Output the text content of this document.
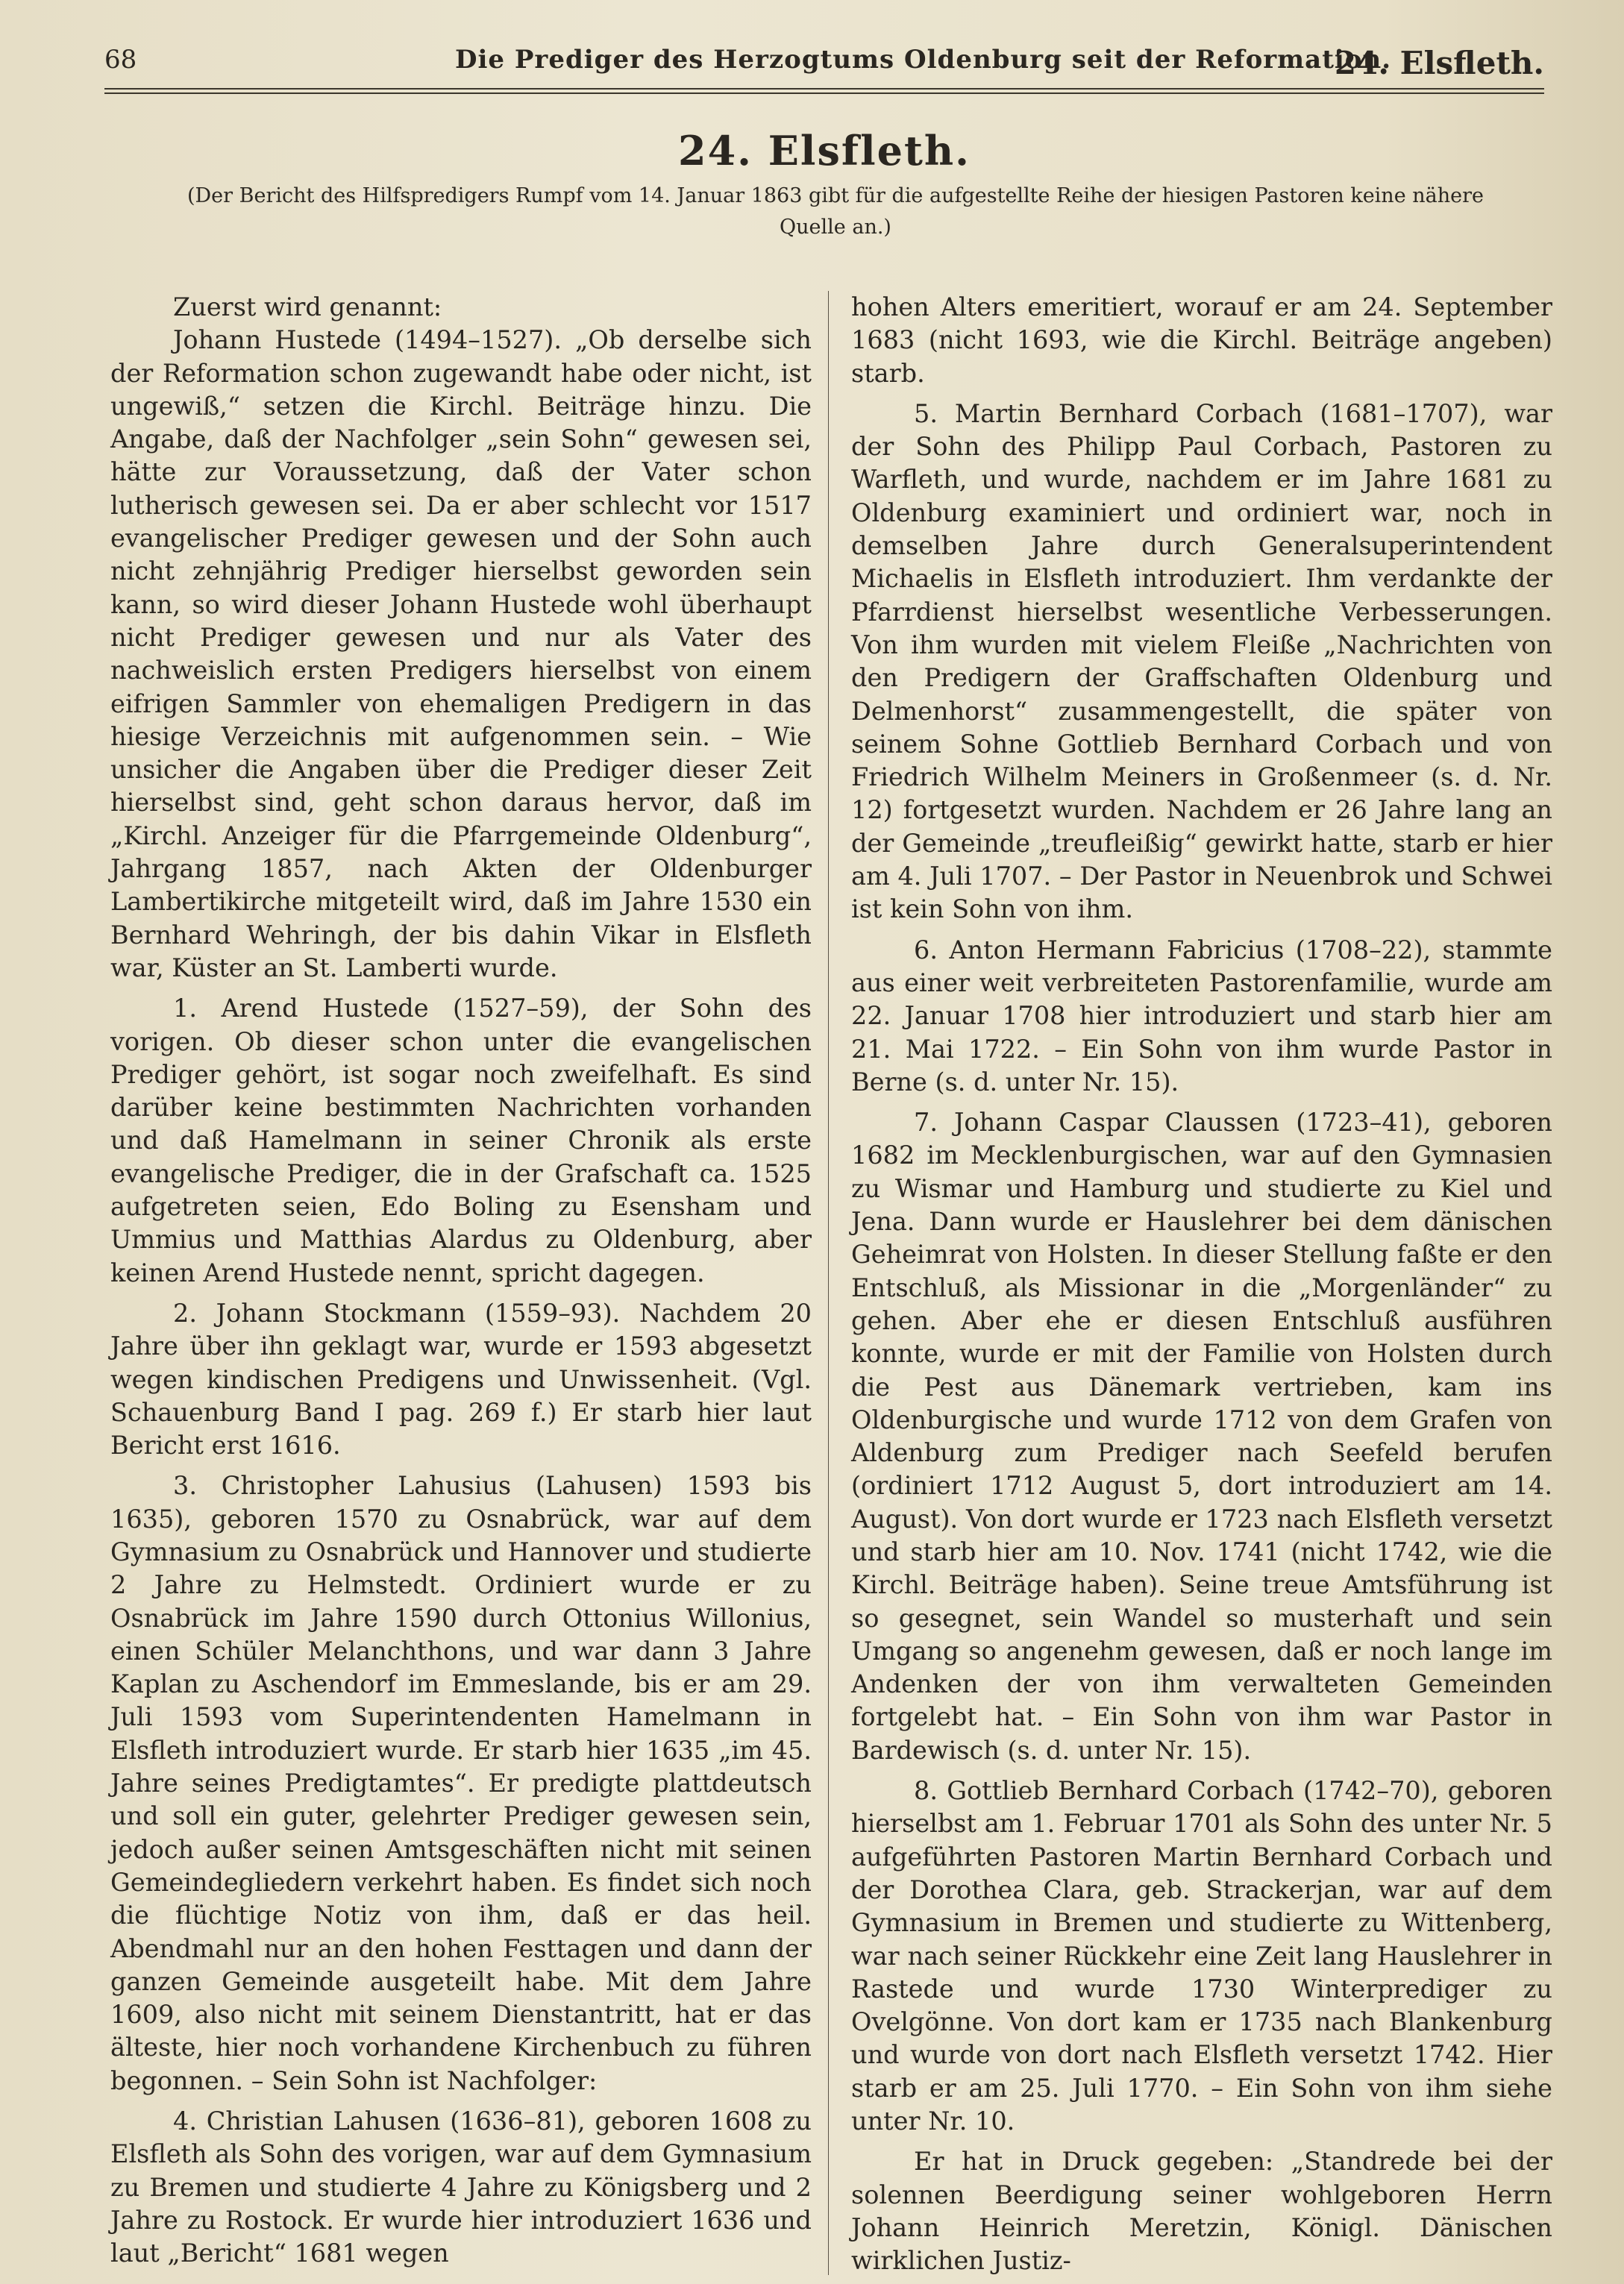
68	Die Prediger des Herzogtums Oldenburg seit der Reformation.
24. Elsfleth.
24. Elsfleth.
(Der Bericht des Hilfspredigers Rumpf vom 14. Januar 1863 gibt für die aufgestellte Reihe der hiesigen Pastoren keine nähere Quelle an.)

Zuerst wird genannt:

Johann Hustede (1494–1527). „Ob derselbe sich der Reformation schon zugewandt habe oder nicht, ist ungewiß,“ setzen die Kirchl. Beiträge hinzu. Die Angabe, daß der Nachfolger „sein Sohn“ gewesen sei, hätte zur Voraussetzung, daß der Vater schon lutherisch gewesen sei. Da er aber schlecht vor 1517 evangelischer Prediger gewesen und der Sohn auch nicht zehnjährig Prediger hierselbst geworden sein kann, so wird dieser Johann Hustede wohl überhaupt nicht Prediger gewesen und nur als Vater des nachweislich ersten Predigers hierselbst von einem eifrigen Sammler von ehemaligen Predigern in das hiesige Verzeichnis mit aufgenommen sein. – Wie unsicher die Angaben über die Prediger dieser Zeit hierselbst sind, geht schon daraus hervor, daß im „Kirchl. Anzeiger für die Pfarrgemeinde Oldenburg“, Jahrgang 1857, nach Akten der Oldenburger Lambertikirche mitgeteilt wird, daß im Jahre 1530 ein Bernhard Wehringh, der bis dahin Vikar in Elsfleth war, Küster an St. Lamberti wurde.

1. Arend Hustede (1527–59), der Sohn des vorigen. Ob dieser schon unter die evangelischen Prediger gehört, ist sogar noch zweifelhaft. Es sind darüber keine bestimmten Nachrichten vorhanden und daß Hamelmann in seiner Chronik als erste evangelische Prediger, die in der Grafschaft ca. 1525 aufgetreten seien, Edo Boling zu Esensham und Ummius und Matthias Alardus zu Oldenburg, aber keinen Arend Hustede nennt, spricht dagegen.

2. Johann Stockmann (1559–93). Nachdem 20 Jahre über ihn geklagt war, wurde er 1593 abgesetzt wegen kindischen Predigens und Unwissenheit. (Vgl. Schauenburg Band I pag. 269 f.) Er starb hier laut Bericht erst 1616.

3. Christopher Lahusius (Lahusen) 1593 bis 1635), geboren 1570 zu Osnabrück, war auf dem Gymnasium zu Osnabrück und Hannover und studierte 2 Jahre zu Helmstedt. Ordiniert wurde er zu Osnabrück im Jahre 1590 durch Ottonius Willonius, einen Schüler Melanchthons, und war dann 3 Jahre Kaplan zu Aschendorf im Emmeslande, bis er am 29. Juli 1593 vom Superintendenten Hamelmann in Elsfleth introduziert wurde. Er starb hier 1635 „im 45. Jahre seines Predigtamtes“. Er predigte plattdeutsch und soll ein guter, gelehrter Prediger gewesen sein, jedoch außer seinen Amtsgeschäften nicht mit seinen Gemeindegliedern verkehrt haben. Es findet sich noch die flüchtige Notiz von ihm, daß er das heil. Abendmahl nur an den hohen Festtagen und dann der ganzen Gemeinde ausgeteilt habe. Mit dem Jahre 1609, also nicht mit seinem Dienstantritt, hat er das älteste, hier noch vorhandene Kirchenbuch zu führen begonnen. – Sein Sohn ist Nachfolger:

4. Christian Lahusen (1636–81), geboren 1608 zu Elsfleth als Sohn des vorigen, war auf dem Gymnasium zu Bremen und studierte 4 Jahre zu Königsberg und 2 Jahre zu Rostock. Er wurde hier introduziert 1636 und laut „Bericht“ 1681 wegen

hohen Alters emeritiert, worauf er am 24. September 1683 (nicht 1693, wie die Kirchl. Beiträge angeben) starb.

5. Martin Bernhard Corbach (1681–1707), war der Sohn des Philipp Paul Corbach, Pastoren zu Warfleth, und wurde, nachdem er im Jahre 1681 zu Oldenburg examiniert und ordiniert war, noch in demselben Jahre durch Generalsuperintendent Michaelis in Elsfleth introduziert. Ihm verdankte der Pfarrdienst hierselbst wesentliche Verbesserungen. Von ihm wurden mit vielem Fleiße „Nachrichten von den Predigern der Graffschaften Oldenburg und Delmenhorst“ zusammengestellt, die später von seinem Sohne Gottlieb Bernhard Corbach und von Friedrich Wilhelm Meiners in Großenmeer (s. d. Nr. 12) fortgesetzt wurden. Nachdem er 26 Jahre lang an der Gemeinde „treufleißig“ gewirkt hatte, starb er hier am 4. Juli 1707. – Der Pastor in Neuenbrok und Schwei ist kein Sohn von ihm.

6. Anton Hermann Fabricius (1708–22), stammte aus einer weit verbreiteten Pastorenfamilie, wurde am 22. Januar 1708 hier introduziert und starb hier am 21. Mai 1722. – Ein Sohn von ihm wurde Pastor in Berne (s. d. unter Nr. 15).

7. Johann Caspar Claussen (1723–41), geboren 1682 im Mecklenburgischen, war auf den Gymnasien zu Wismar und Hamburg und studierte zu Kiel und Jena. Dann wurde er Hauslehrer bei dem dänischen Geheimrat von Holsten. In dieser Stellung faßte er den Entschluß, als Missionar in die „Morgenländer“ zu gehen. Aber ehe er diesen Entschluß ausführen konnte, wurde er mit der Familie von Holsten durch die Pest aus Dänemark vertrieben, kam ins Oldenburgische und wurde 1712 von dem Grafen von Aldenburg zum Prediger nach Seefeld berufen (ordiniert 1712 August 5, dort introduziert am 14. August). Von dort wurde er 1723 nach Elsfleth versetzt und starb hier am 10. Nov. 1741 (nicht 1742, wie die Kirchl. Beiträge haben). Seine treue Amtsführung ist so gesegnet, sein Wandel so musterhaft und sein Umgang so angenehm gewesen, daß er noch lange im Andenken der von ihm verwalteten Gemeinden fortgelebt hat. – Ein Sohn von ihm war Pastor in Bardewisch (s. d. unter Nr. 15).

8. Gottlieb Bernhard Corbach (1742–70), geboren hierselbst am 1. Februar 1701 als Sohn des unter Nr. 5 aufgeführten Pastoren Martin Bernhard Corbach und der Dorothea Clara, geb. Strackerjan, war auf dem Gymnasium in Bremen und studierte zu Wittenberg, war nach seiner Rückkehr eine Zeit lang Hauslehrer in Rastede und wurde 1730 Winterprediger zu Ovelgönne. Von dort kam er 1735 nach Blankenburg und wurde von dort nach Elsfleth versetzt 1742. Hier starb er am 25. Juli 1770. – Ein Sohn von ihm siehe unter Nr. 10.

Er hat in Druck gegeben: „Standrede bei der solennen Beerdigung seiner wohlgeboren Herrn Johann Heinrich Meretzin, Königl. Dänischen wirklichen Justiz-
